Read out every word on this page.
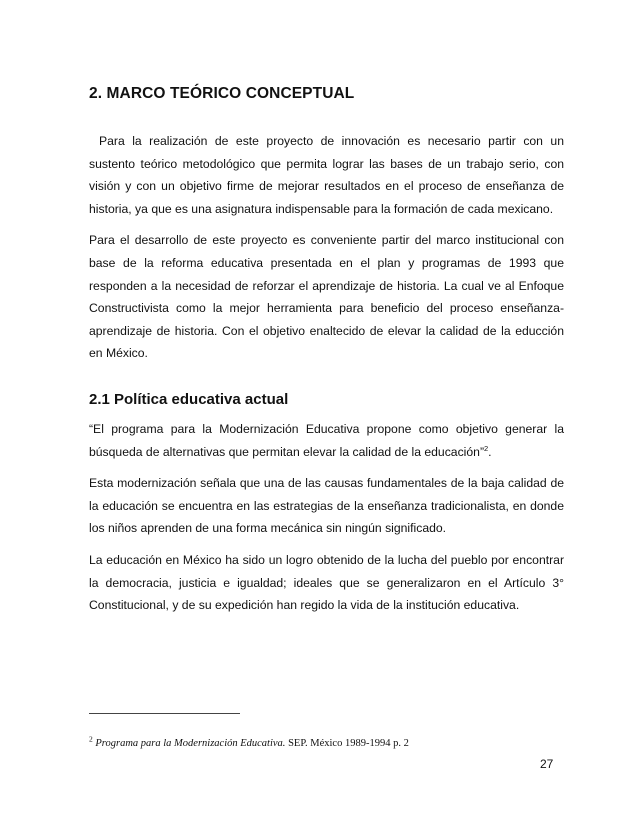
2. MARCO TEÓRICO CONCEPTUAL

Para la realización de este proyecto de innovación es necesario partir con un sustento teórico metodológico que permita lograr las bases de un trabajo serio, con visión y con un objetivo firme de mejorar resultados en el proceso de enseñanza de historia, ya que es una asignatura indispensable para la formación de cada mexicano.

Para el desarrollo de este proyecto es conveniente partir del marco institucional con base de la reforma educativa presentada en el plan y programas de 1993 que responden a la necesidad de reforzar el aprendizaje de historia. La cual ve al Enfoque Constructivista como la mejor herramienta para beneficio del proceso enseñanza-aprendizaje de historia. Con el objetivo enaltecido de elevar la calidad de la educción en México.

2.1 Política educativa actual

“El programa para la Modernización Educativa propone como objetivo generar la búsqueda de alternativas que permitan elevar la calidad de la educación”$^2$.

Esta modernización señala que una de las causas fundamentales de la baja calidad de la educación se encuentra en las estrategias de la enseñanza tradicionalista, en donde los niños aprenden de una forma mecánica sin ningún significado.

La educación en México ha sido un logro obtenido de la lucha del pueblo por encontrar la democracia, justicia e igualdad; ideales que se generalizaron en el Artículo 3° Constitucional, y de su expedición han regido la vida de la institución educativa.

$^2$ Programa para la Modernización Educativa. SEP. México 1989-1994 p. 2
27
